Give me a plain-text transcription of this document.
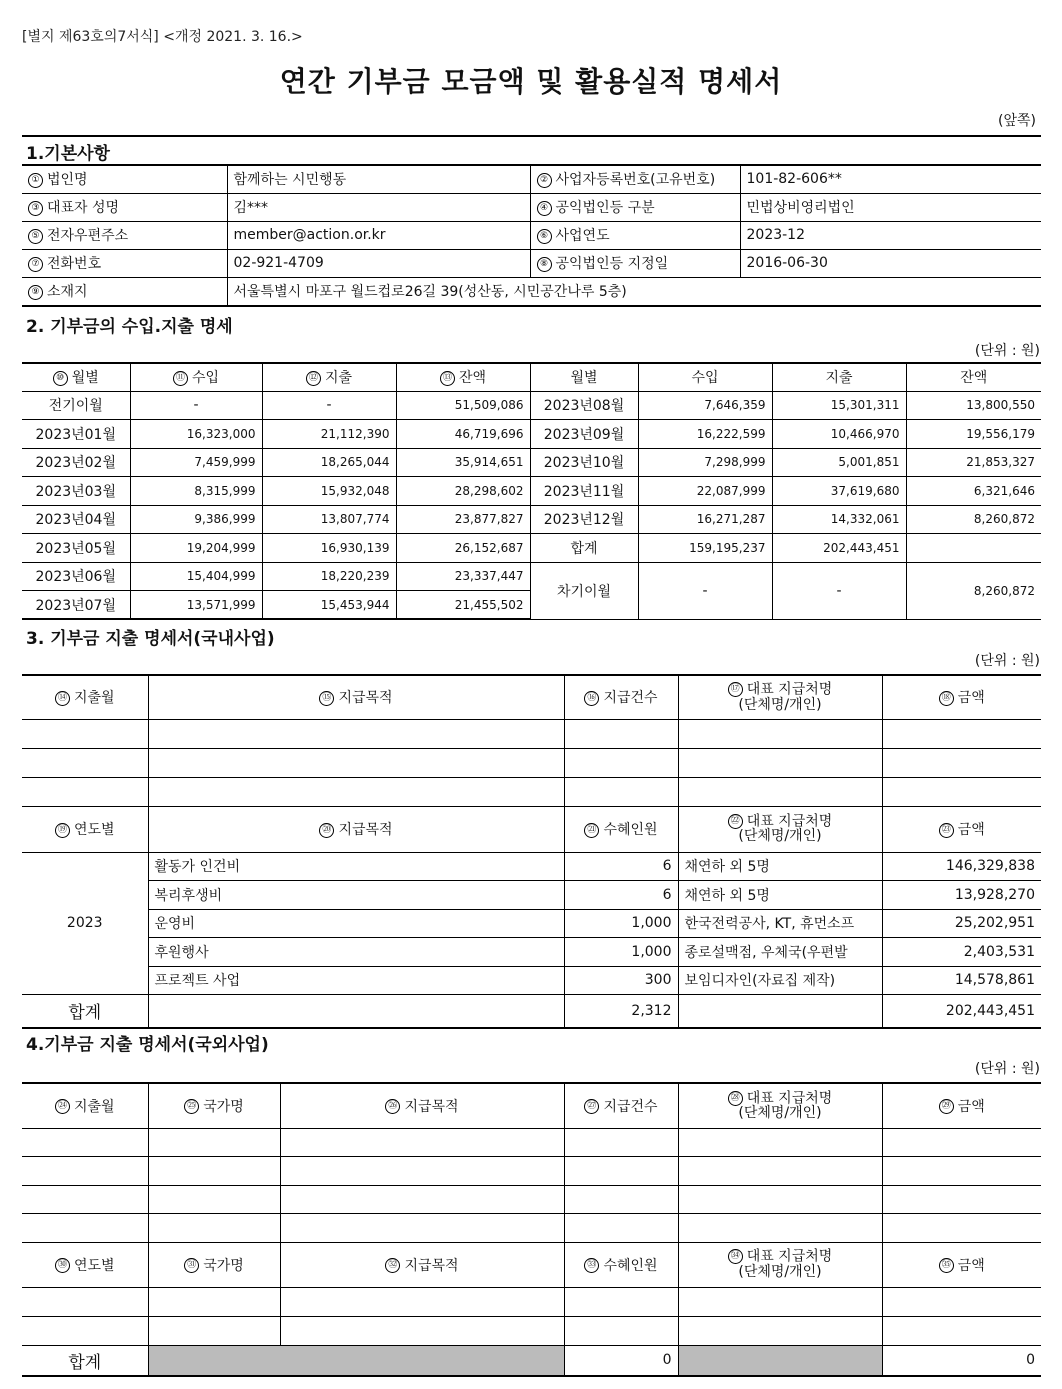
[별지 제63호의7서식] <개정 2021. 3. 16.>
연간 기부금 모금액 및 활용실적 명세서
(앞쪽)
1.기본사항
① 법인명	함께하는 시민행동	② 사업자등록번호(고유번호)	101-82-606**
③ 대표자 성명	김***	④ 공익법인등 구분	민법상비영리법인
⑤ 전자우편주소	member@action.or.kr	⑥ 사업연도	2023-12
⑦ 전화번호	02-921-4709	⑧ 공익법인등 지정일	2016-06-30
⑨ 소재지	서울특별시 마포구 월드컵로26길 39(성산동, 시민공간나루 5층)		
2. 기부금의 수입.지출 명세
(단위 : 원)
⑩ 월별	⑪ 수입	⑫ 지출	⑬ 잔액	월별	수입	지출	잔액
전기이월	-	-	51,509,086	2023년08월	7,646,359	15,301,311	13,800,550
2023년01월	16,323,000	21,112,390	46,719,696	2023년09월	16,222,599	10,466,970	19,556,179
2023년02월	7,459,999	18,265,044	35,914,651	2023년10월	7,298,999	5,001,851	21,853,327
2023년03월	8,315,999	15,932,048	28,298,602	2023년11월	22,087,999	37,619,680	6,321,646
2023년04월	9,386,999	13,807,774	23,877,827	2023년12월	16,271,287	14,332,061	8,260,872
2023년05월	19,204,999	16,930,139	26,152,687	합계	159,195,237	202,443,451	
2023년06월	15,404,999	18,220,239	23,337,447	차기이월	-	-	8,260,872
2023년07월	13,571,999	15,453,944	21,455,502				
3. 기부금 지출 명세서(국내사업)
(단위 : 원)
⑭ 지출월	⑮ 지급목적	⑯ 지급건수	⑰ 대표 지급처명
(단체명/개인)	⑱ 금액

⑲ 연도별	⑳ 지급목적	㉑ 수혜인원	㉒ 대표 지급처명
(단체명/개인)	㉓ 금액
2023	활동가 인건비	6	채연하 외 5명	146,329,838
	복리후생비	6	채연하 외 5명	13,928,270
	운영비	1,000	한국전력공사, KT, 휴먼소프	25,202,951
	후원행사	1,000	종로설맥점, 우체국(우편발	2,403,531
	프로젝트 사업	300	보임디자인(자료집 제작)	14,578,861
합계		2,312		202,443,451
4.기부금 지출 명세서(국외사업)
(단위 : 원)
㉔ 지출월	㉕ 국가명	㉖ 지급목적	㉗ 지급건수	㉘ 대표 지급처명
(단체명/개인)	㉙ 금액

㉚ 연도별	㉛ 국가명	㉜ 지급목적	㉝ 수혜인원	㉞ 대표 지급처명
(단체명/개인)	㉟ 금액

합계			0		0
